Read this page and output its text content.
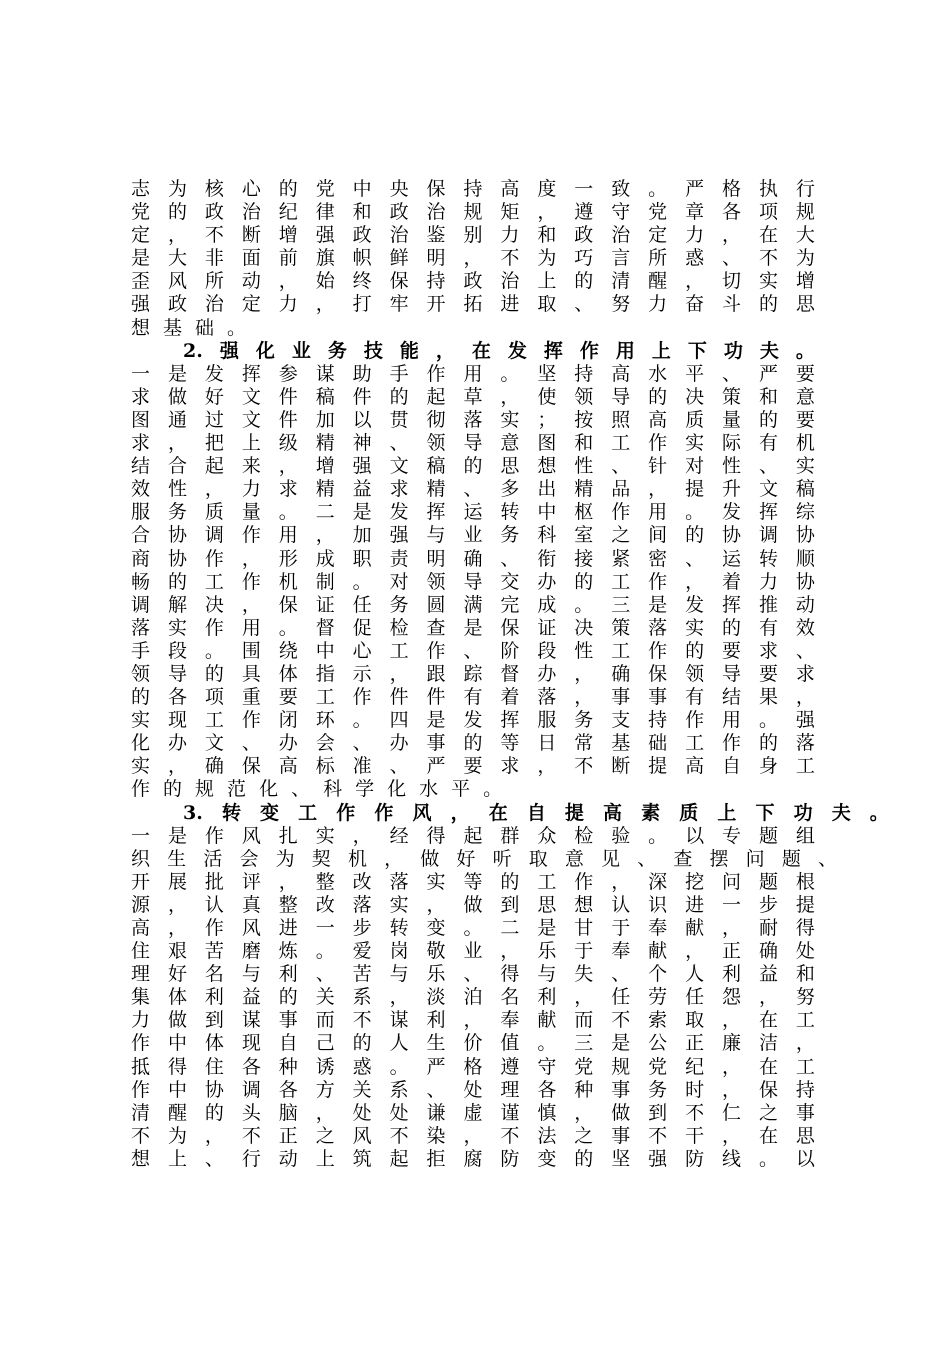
志 为 核 心 的 党 中 央 保 持 高 度 一 致 。 严 格 执 行
党 的 政 治 纪 律 和 政 治 规 矩 ， 遵 守 党 章 各 项 规
定 ， 不 断 增 强 政 治 鉴 别 力 和 政 治 定 力 ， 在 大
是 大 非 面 前 旗 帜 鲜 明 ， 不 为 巧 言 所 惑 、 不 为
歪 风 所 动 ， 始 终 保 持 政 治 上 的 清 醒 ， 切 实 增
强 政 治 定 力 ， 打 牢 开 拓 进 取 、 努 力 奋 斗 的 思
想 基 础 。
2. 强 化 业 务 技 能 ， 在 发 挥 作 用 上 下 功 夫 。
一 是 发 挥 参 谋 助 手 作 用 。 坚 持 高 水 平 、 严 要
求 做 好 文 件 稿 件 的 起 草 ， 使 领 导 的 决 策 和 意
图 通 过 文 件 加 以 贯 彻 落 实 ； 按 照 高 质 量 的 要
求 ， 把 上 级 精 神 、 领 导 意 图 和 工 作 实 际 有 机
结 合 起 来 ， 增 强 文 稿 的 思 想 性 、 针 对 性 、 实
效 性 ， 力 求 精 益 求 精 、 多 出 精 品 ， 提 升 文 稿
服 务 质 量 。 二 是 发 挥 运 转 中 枢 作 用 。 发 挥 综
合 协 调 作 用 ， 加 强 与 业 务 科 室 之 间 的 协 调 协
商 协 作 ， 形 成 职 责 明 确 、 衔 接 紧 密 、 运 转 顺
畅 的 工 作 机 制 。 对 领 导 交 办 的 工 作 ， 着 力 协
调 解 决 ， 保 证 任 务 圆 满 完 成 。 三 是 发 挥 推 动
落 实 作 用 。 督 促 检 查 是 保 证 决 策 落 实 的 有 效
手 段 。 围 绕 中 心 工 作 、 阶 段 性 工 作 的 要 求 、
领 导 的 具 体 指 示 ， 跟 踪 督 办 ， 确 保 领 导 要 求
的 各 项 重 要 工 作 件 件 有 着 落 ， 事 事 有 结 果 ，
实 现 工 作 闭 环 。 四 是 发 挥 服 务 支 持 作 用 。 强
化 办 文 、 办 会 、 办 事 的 等 日 常 基 础 工 作 的 落
实 ， 确 保 高 标 准 、 严 要 求 ， 不 断 提 高 自 身 工
作 的 规 范 化 、 科 学 化 水 平 。
3. 转 变 工 作 作 风 ， 在 自 提 高 素 质 上 下 功 夫 。
一 是 作 风 扎 实 ， 经 得 起 群 众 检 验 。 以 专 题 组
织 生 活 会 为 契 机 ， 做 好 听 取 意 见 、 查 摆 问 题 、
开 展 批 评 ， 整 改 落 实 等 的 工 作 ， 深 挖 问 题 根
源 ， 认 真 整 改 落 实 ， 做 到 思 想 认 识 进 一 步 提
高 ， 作 风 进 一 步 转 变 。 二 是 甘 于 奉 献 ， 耐 得
住 艰 苦 磨 炼 。 爱 岗 敬 业 ， 乐 于 奉 献 ， 正 确 处
理 好 名 与 利 、 苦 与 乐 、 得 与 失 、 个 人 利 益 和
集 体 利 益 的 关 系 ， 淡 泊 名 利 ， 任 劳 任 怨 ， 努
力 做 到 谋 事 而 不 谋 利 ， 奉 献 而 不 索 取 ， 在 工
作 中 体 现 自 己 的 人 生 价 值 。 三 是 公 正 廉 洁 ，
抵 得 住 各 种 诱 惑 。 严 格 遵 守 党 规 党 纪 ， 在 工
作 中 协 调 各 方 关 系 、 处 理 各 种 事 务 时 ， 保 持
清 醒 的 头 脑 ， 处 处 谦 虚 谨 慎 ， 做 到 不 仁 之 事
不 为 ， 不 正 之 风 不 染 ， 不 法 之 事 不 干 ， 在 思
想 上 、 行 动 上 筑 起 拒 腐 防 变 的 坚 强 防 线 。 以
